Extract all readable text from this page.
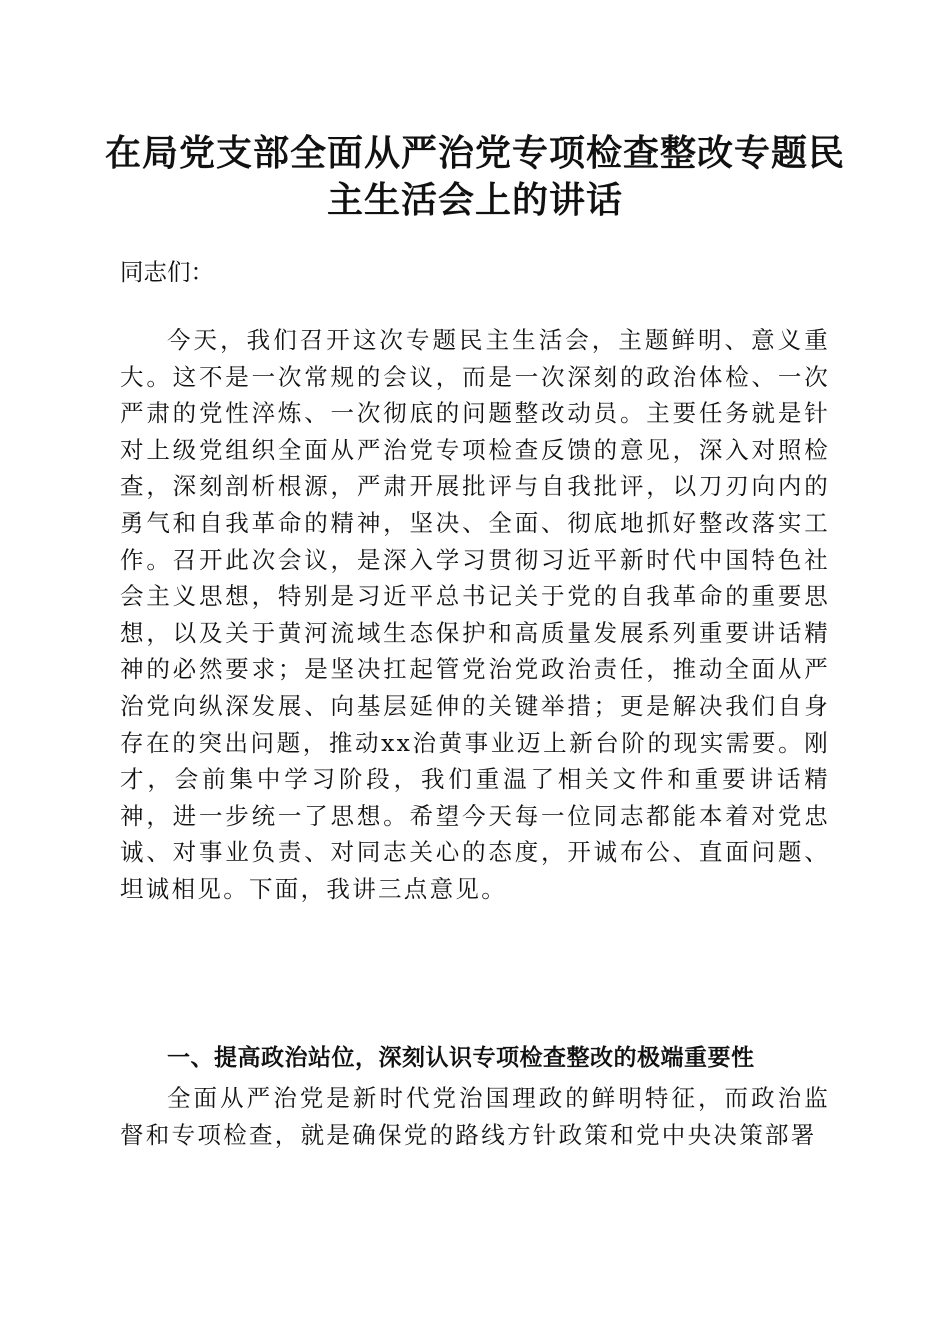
在局党支部全面从严治党专项检查整改专题民主生活会上的讲话
同志们：

今天，我们召开这次专题民主生活会，主题鲜明、意义重大。这不是一次常规的会议，而是一次深刻的政治体检、一次严肃的党性淬炼、一次彻底的问题整改动员。主要任务就是针对上级党组织全面从严治党专项检查反馈的意见，深入对照检查，深刻剖析根源，严肃开展批评与自我批评，以刀刃向内的勇气和自我革命的精神，坚决、全面、彻底地抓好整改落实工作。召开此次会议，是深入学习贯彻习近平新时代中国特色社会主义思想，特别是习近平总书记关于党的自我革命的重要思想，以及关于黄河流域生态保护和高质量发展系列重要讲话精神的必然要求；是坚决扛起管党治党政治责任，推动全面从严治党向纵深发展、向基层延伸的关键举措；更是解决我们自身存在的突出问题，推动xx治黄事业迈上新台阶的现实需要。刚才，会前集中学习阶段，我们重温了相关文件和重要讲话精神，进一步统一了思想。希望今天每一位同志都能本着对党忠诚、对事业负责、对同志关心的态度，开诚布公、直面问题、坦诚相见。下面，我讲三点意见。

一、提高政治站位，深刻认识专项检查整改的极端重要性

全面从严治党是新时代党治国理政的鲜明特征，而政治监督和专项检查，就是确保党的路线方针政策和党中央决策部署
